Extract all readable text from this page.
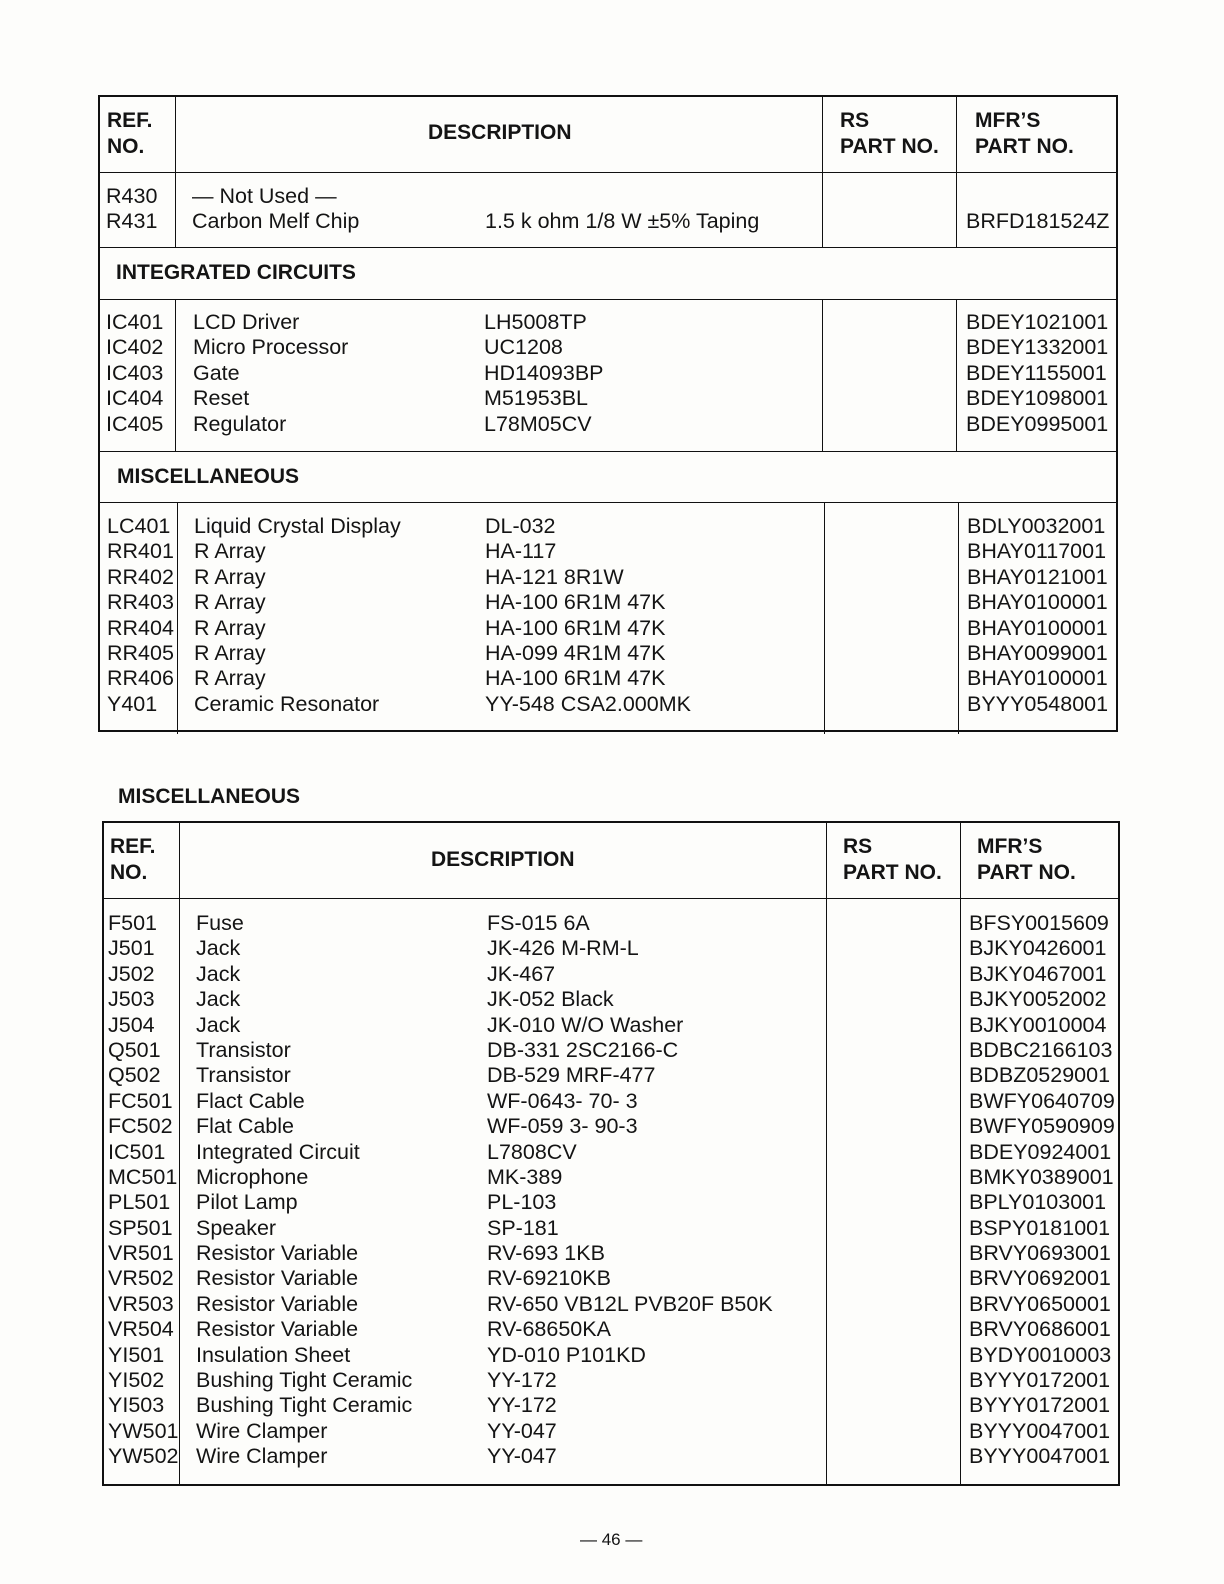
REF.
NO.
DESCRIPTION
RS
PART NO.
MFR’S
PART NO.
R430
R431
— Not Used —
Carbon Melf Chip	1.5 k ohm 1/8 W ±5% Taping	BRFD181524Z
INTEGRATED CIRCUITS
IC401
IC402
IC403
IC404
IC405
LCD Driver
Micro Processor
Gate
Reset
Regulator
LH5008TP
UC1208
HD14093BP
M51953BL
L78M05CV
BDEY1021001
BDEY1332001
BDEY1155001
BDEY1098001
BDEY0995001
MISCELLANEOUS
LC401
RR401
RR402
RR403
RR404
RR405
RR406
Y401
Liquid Crystal Display
R Array
R Array
R Array
R Array
R Array
R Array
Ceramic Resonator
DL-032
HA-117
HA-121 8R1W
HA-100 6R1M 47K
HA-100 6R1M 47K
HA-099 4R1M 47K
HA-100 6R1M 47K
YY-548 CSA2.000MK
BDLY0032001
BHAY0117001
BHAY0121001
BHAY0100001
BHAY0100001
BHAY0099001
BHAY0100001
BYYY0548001
MISCELLANEOUS
REF.
NO.
DESCRIPTION
RS
PART NO.
MFR’S
PART NO.
F501
J501
J502
J503
J504
Q501
Q502
FC501
FC502
IC501
MC501
PL501
SP501
VR501
VR502
VR503
VR504
YI501
YI502
YI503
YW501
YW502
Fuse
Jack
Jack
Jack
Jack
Transistor
Transistor
Flact Cable
Flat Cable
Integrated Circuit
Microphone
Pilot Lamp
Speaker
Resistor Variable
Resistor Variable
Resistor Variable
Resistor Variable
Insulation Sheet
Bushing Tight Ceramic
Bushing Tight Ceramic
Wire Clamper
Wire Clamper
FS-015 6A
JK-426 M-RM-L
JK-467
JK-052 Black
JK-010 W/O Washer
DB-331 2SC2166-C
DB-529 MRF-477
WF-0643- 70- 3
WF-059 3- 90-3
L7808CV
MK-389
PL-103
SP-181
RV-693 1KB
RV-69210KB
RV-650 VB12L PVB20F B50K
RV-68650KA
YD-010 P101KD
YY-172
YY-172
YY-047
YY-047
BFSY0015609
BJKY0426001
BJKY0467001
BJKY0052002
BJKY0010004
BDBC2166103
BDBZ0529001
BWFY0640709
BWFY0590909
BDEY0924001
BMKY0389001
BPLY0103001
BSPY0181001
BRVY0693001
BRVY0692001
BRVY0650001
BRVY0686001
BYDY0010003
BYYY0172001
BYYY0172001
BYYY0047001
BYYY0047001
— 46 —
